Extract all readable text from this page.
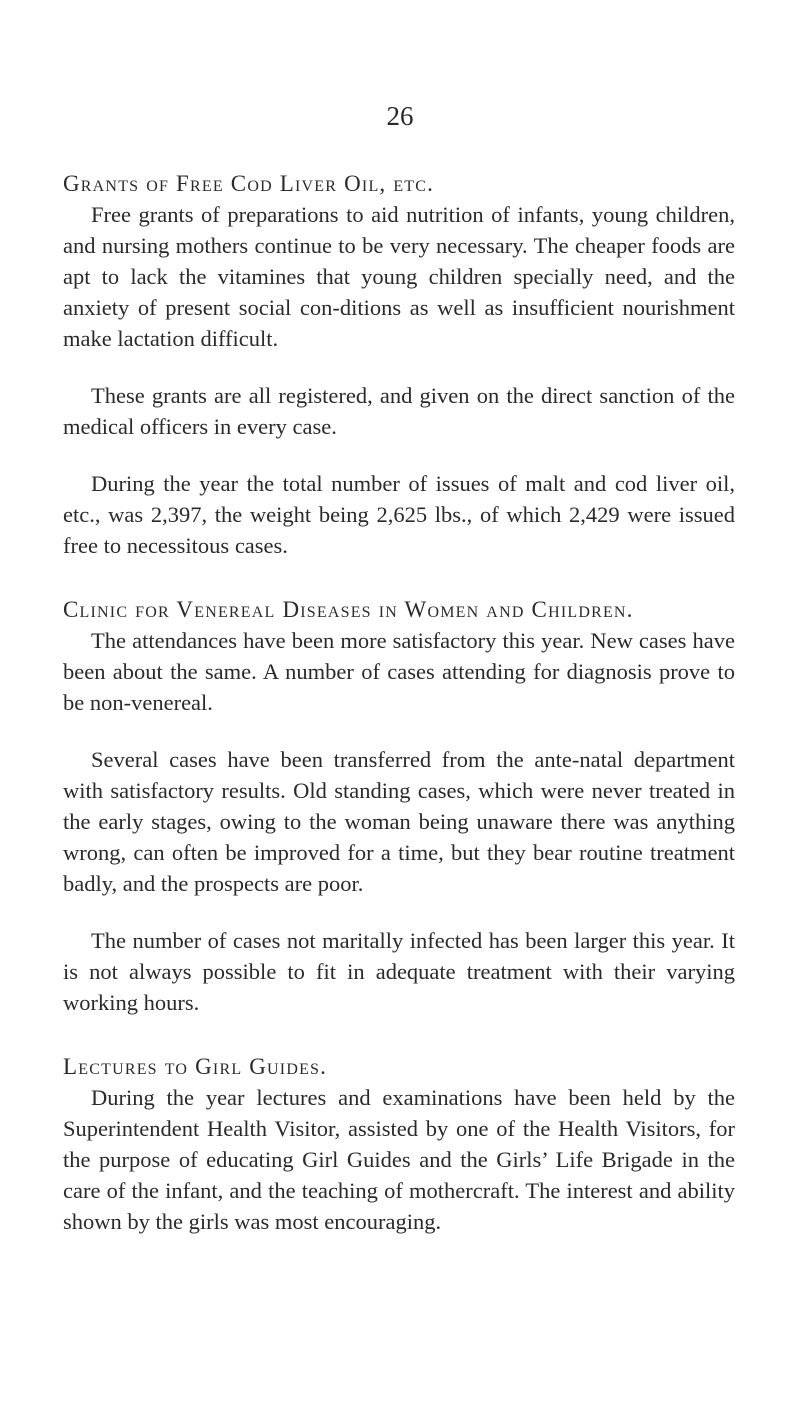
26
Grants of Free Cod Liver Oil, etc.

Free grants of preparations to aid nutrition of infants, young children, and nursing mothers continue to be very necessary. The cheaper foods are apt to lack the vitamines that young children specially need, and the anxiety of present social con-ditions as well as insufficient nourishment make lactation difficult.

These grants are all registered, and given on the direct sanction of the medical officers in every case.

During the year the total number of issues of malt and cod liver oil, etc., was 2,397, the weight being 2,625 lbs., of which 2,429 were issued free to necessitous cases.

Clinic for Venereal Diseases in Women and Children.

The attendances have been more satisfactory this year. New cases have been about the same. A number of cases attending for diagnosis prove to be non-venereal.

Several cases have been transferred from the ante-natal department with satisfactory results. Old standing cases, which were never treated in the early stages, owing to the woman being unaware there was anything wrong, can often be improved for a time, but they bear routine treatment badly, and the prospects are poor.

The number of cases not maritally infected has been larger this year. It is not always possible to fit in adequate treatment with their varying working hours.

Lectures to Girl Guides.

During the year lectures and examinations have been held by the Superintendent Health Visitor, assisted by one of the Health Visitors, for the purpose of educating Girl Guides and the Girls’ Life Brigade in the care of the infant, and the teaching of mothercraft. The interest and ability shown by the girls was most encouraging.
